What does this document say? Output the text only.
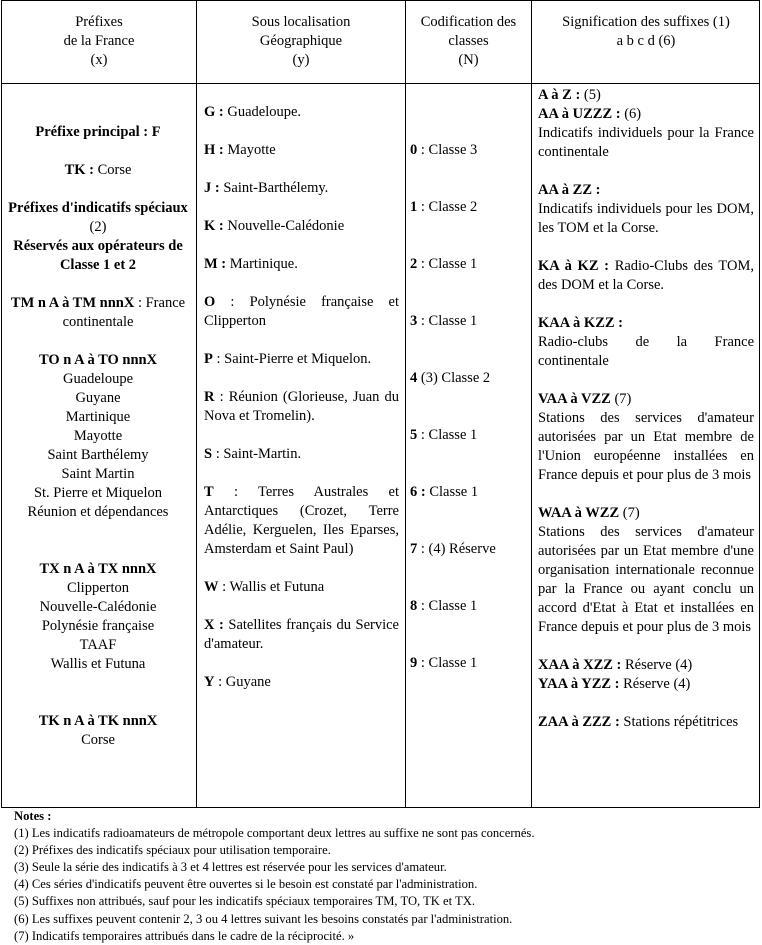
Préfixes
de la France
(x)
Sous localisation
Géographique
(y)
Codification des
classes
(N)
Signification des suffixes (1)
a b c d (6)
Préfixe principal : F
TK : Corse
Préfixes d'indicatifs spéciaux (2)
Réservés aux opérateurs de Classe 1 et 2
TM n A à TM nnnX : France continentale
TO n A à TO nnnX
Guadeloupe
Guyane
Martinique
Mayotte
Saint Barthélemy
Saint Martin
St. Pierre et Miquelon
Réunion et dépendances
TX n A à TX nnnX
Clipperton
Nouvelle-Calédonie
Polynésie française
TAAF
Wallis et Futuna
TK n A à TK nnnX
Corse
G : Guadeloupe.
H : Mayotte
J : Saint-Barthélemy.
K : Nouvelle-Calédonie
M : Martinique.
O : Polynésie française et Clipperton
P : Saint-Pierre et Miquelon.
R : Réunion (Glorieuse, Juan du Nova et Tromelin).
S : Saint-Martin.
T : Terres Australes et Antarctiques (Crozet, Terre Adélie, Kerguelen, Iles Eparses, Amsterdam et Saint Paul)
W : Wallis et Futuna
X : Satellites français du Service d'amateur.
Y : Guyane
0 : Classe 3
1 : Classe 2
2 : Classe 1
3 : Classe 1
4 (3) Classe 2
5 : Classe 1
6 : Classe 1
7 : (4) Réserve
8 : Classe 1
9 : Classe 1
A à Z : (5)
AA à UZZZ : (6)
Indicatifs individuels pour la France continentale
AA à ZZ :
Indicatifs individuels pour les DOM, les TOM et la Corse.
KA à KZ : Radio-Clubs des TOM, des DOM et la Corse.
KAA à KZZ :
Radio-clubs de la France continentale
VAA à VZZ (7)
Stations des services d'amateur autorisées par un Etat membre de l'Union européenne installées en France depuis et pour plus de 3 mois
WAA à WZZ (7)
Stations des services d'amateur autorisées par un Etat membre d'une organisation internationale reconnue par la France ou ayant conclu un accord d'Etat à Etat et installées en France depuis et pour plus de 3 mois
XAA à XZZ : Réserve (4)
YAA à YZZ : Réserve (4)
ZAA à ZZZ : Stations répétitrices
Notes :
(1) Les indicatifs radioamateurs de métropole comportant deux lettres au suffixe ne sont pas concernés.
(2) Préfixes des indicatifs spéciaux pour utilisation temporaire.
(3) Seule la série des indicatifs à 3 et 4 lettres est réservée pour les services d'amateur.
(4) Ces séries d'indicatifs peuvent être ouvertes si le besoin est constaté par l'administration.
(5) Suffixes non attribués, sauf pour les indicatifs spéciaux temporaires TM, TO, TK et TX.
(6) Les suffixes peuvent contenir 2, 3 ou 4 lettres suivant les besoins constatés par l'administration.
(7) Indicatifs temporaires attribués dans le cadre de la réciprocité. »
